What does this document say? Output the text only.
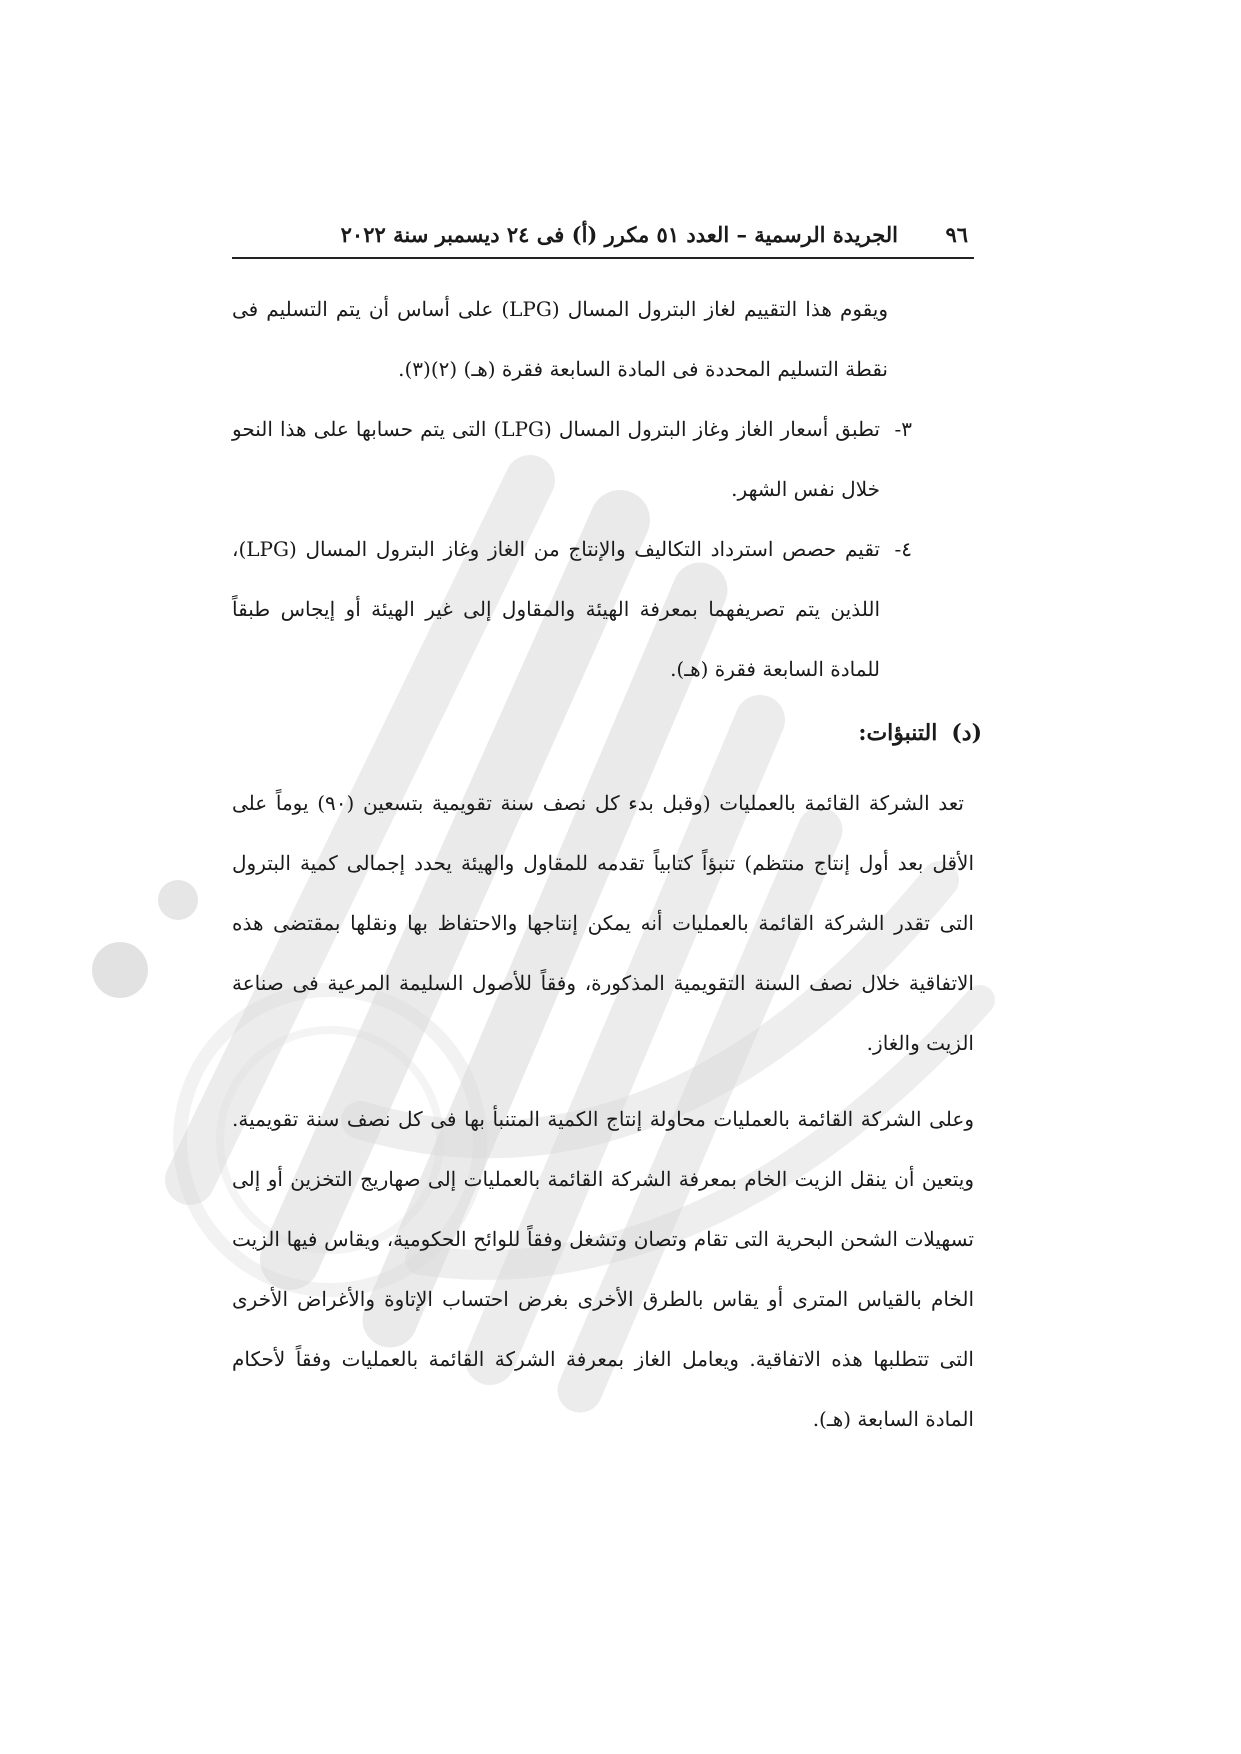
٩٦
الجريدة الرسمية – العدد ٥١ مكرر (أ) فى ٢٤ ديسمبر سنة ٢٠٢٢

ويقوم هذا التقييم لغاز البترول المسال (LPG) على أساس أن يتم التسليم فى نقطة التسليم المحددة فى المادة السابعة فقرة (هـ) (٢)(٣).

٣-
تطبق أسعار الغاز وغاز البترول المسال (LPG) التى يتم حسابها على هذا النحو خلال نفس الشهر.
٤-
تقيم حصص استرداد التكاليف والإنتاج من الغاز وغاز البترول المسال (LPG)، اللذين يتم تصريفهما بمعرفة الهيئة والمقاول إلى غير الهيئة أو إيجاس طبقاً للمادة السابعة فقرة (هـ).
(د)
التنبؤات:

تعد الشركة القائمة بالعمليات (وقبل بدء كل نصف سنة تقويمية بتسعين (٩٠) يوماً على الأقل بعد أول إنتاج منتظم) تنبؤاً كتابياً تقدمه للمقاول والهيئة يحدد إجمالى كمية البترول التى تقدر الشركة القائمة بالعمليات أنه يمكن إنتاجها والاحتفاظ بها ونقلها بمقتضى هذه الاتفاقية خلال نصف السنة التقويمية المذكورة، وفقاً للأصول السليمة المرعية فى صناعة الزيت والغاز.

وعلى الشركة القائمة بالعمليات محاولة إنتاج الكمية المتنبأ بها فى كل نصف سنة تقويمية. ويتعين أن ينقل الزيت الخام بمعرفة الشركة القائمة بالعمليات إلى صهاريج التخزين أو إلى تسهيلات الشحن البحرية التى تقام وتصان وتشغل وفقاً للوائح الحكومية، ويقاس فيها الزيت الخام بالقياس المترى أو يقاس بالطرق الأخرى بغرض احتساب الإتاوة والأغراض الأخرى التى تتطلبها هذه الاتفاقية. ويعامل الغاز بمعرفة الشركة القائمة بالعمليات وفقاً لأحكام المادة السابعة (هـ).
